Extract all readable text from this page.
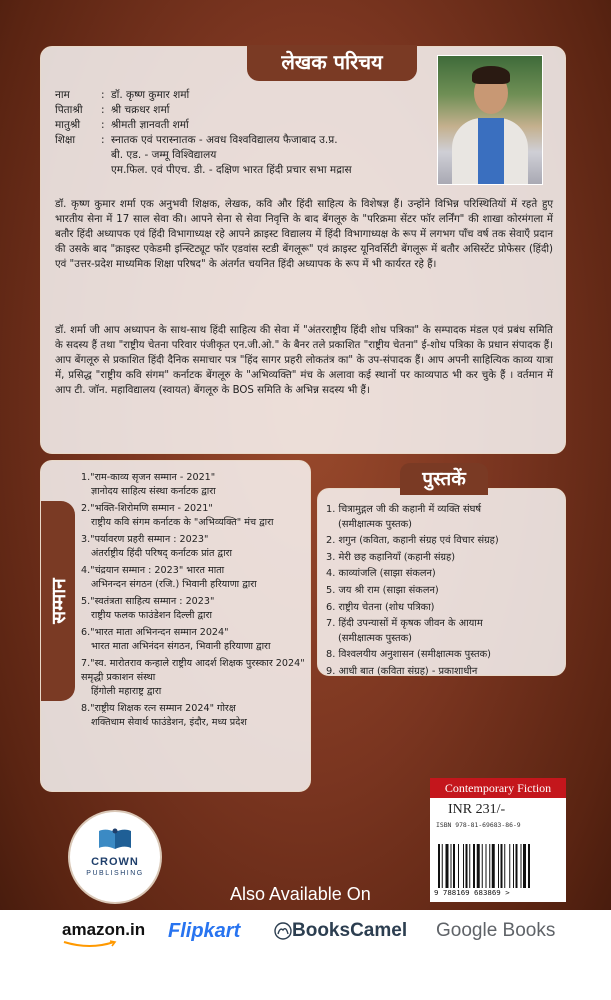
लेखक परिचय
नाम	: डॉ. कृष्ण कुमार शर्मा
पिताश्री	: श्री चक्रधर शर्मा
मातुश्री	: श्रीमती ज्ञानवती शर्मा
शिक्षा	: स्नातक एवं परास्नातक - अवध विश्वविद्यालय फैजाबाद उ.प्र.
बी. एड. - जम्मू विश्विद्यालय
एम.फिल. एवं पीएच. डी. - दक्षिण भारत हिंदी प्रचार सभा मद्रास
डॉ. कृष्ण कुमार शर्मा एक अनुभवी शिक्षक, लेखक, कवि और हिंदी साहित्य के विशेषज्ञ हैं। उन्होंने विभिन्न परिस्थितियों में रहते हुए भारतीय सेना में 17 साल सेवा की। आपने सेना से सेवा निवृत्ति के बाद बेंगलूरु के "परिक्रमा सेंटर फॉर लर्निंग" की शाखा कोरमंगला में बतौर हिंदी अध्यापक एवं हिंदी विभागाध्यक्ष रहे आपने क्राइस्ट विद्यालय में हिंदी विभागाध्यक्ष के रूप में लगभग पाँच वर्ष तक सेवाएँ प्रदान की उसके बाद "क्राइस्ट एकेडमी इन्स्टिट्यूट फॉर एडवांस स्टडी बेंगलूरू" एवं क्राइस्ट यूनिवर्सिटी बेंगलूरू में बतौर असिस्टेंट प्रोफेसर (हिंदी) एवं "उत्तर-प्रदेश माध्यमिक शिक्षा परिषद" के अंतर्गत चयनित हिंदी अध्यापक के रूप में भी कार्यरत रहे हैं।
डॉ. शर्मा जी आप अध्यापन के साथ-साथ हिंदी साहित्य की सेवा में "अंतरराष्ट्रीय हिंदी शोध पत्रिका" के सम्पादक मंडल एवं प्रबंध समिति के सदस्य हैं तथा "राष्ट्रीय चेतना परिवार पंजीकृत एन.जी.ओ." के बैनर तले प्रकाशित "राष्ट्रीय चेतना" ई-शोध पत्रिका के प्रधान संपादक हैं। आप बेंगलूरु से प्रकाशित हिंदी दैनिक समाचार पत्र "हिंद सागर प्रहरी लोकतंत्र का" के उप-संपादक हैं। आप अपनी साहित्यिक काव्य यात्रा में, प्रसिद्ध "राष्ट्रीय कवि संगम" कर्नाटक बेंगलूरु के "अभिव्यक्ति" मंच के अलावा कई स्थानों पर काव्यपाठ भी कर चुके हैं । वर्तमान में आप टी. जॉन. महाविद्यालय (स्वायत) बेंगलूरु के BOS समिति के अभिन्न सदस्य भी हैं।
सम्मान
1."राम-काव्य सृजन सम्मान - 2021"
ज्ञानोदय साहित्य संस्था कर्नाटक द्वारा
2."भक्ति-शिरोमणि सम्मान - 2021"
राष्ट्रीय कवि संगम कर्नाटक के "अभिव्यक्ति" मंच द्वारा
3."पर्यावरण प्रहरी सम्मान : 2023"
अंतर्राष्ट्रीय हिंदी परिषद् कर्नाटक प्रांत द्वारा
4."चंद्रयान सम्मान : 2023" भारत माता
अभिनन्दन संगठन (रजि.) भिवानी हरियाणा द्वारा
5."स्वतंत्रता साहित्य सम्मान : 2023"
राष्ट्रीय फलक फाउंडेशन दिल्ली द्वारा
6."भारत माता अभिनन्दन सम्मान 2024"
भारत माता अभिनंदन संगठन, भिवानी हरियाणा द्वारा
7."स्व. मारोतराव कन्हाले राष्ट्रीय आदर्श शिक्षक पुरस्कार 2024" समृद्धी प्रकाशन संस्था
हिंगोली महाराष्ट्र द्वारा
8."राष्ट्रीय शिक्षक रत्न सम्मान 2024" गोरक्ष
शक्तिधाम सेवार्थ फाउंडेशन, इंदौर, मध्य प्रदेश
पुस्तकें
1. चित्रामुद्गल जी की कहानी में व्यक्ति संघर्ष
(समीक्षात्मक पुस्तक)
2. शगुन (कविता, कहानी संग्रह एवं विचार संग्रह)
3. मेरी छह कहानियाँ (कहानी संग्रह)
4. काव्यांजलि (साझा संकलन)
5. जय श्री राम (साझा संकलन)
6. राष्ट्रीय चेतना (शोध पत्रिका)
7. हिंदी उपन्यासों में कृषक जीवन के आयाम
(समीक्षात्मक पुस्तक)
8. विश्वलयीय अनुशासन (समीक्षात्मक पुस्तक)
9. आधी बात (कविता संग्रह) - प्रकाशाधीन
Contemporary Fiction
INR 231/-
ISBN 978-81-69683-86-9
9 788169 683869 >
CROWN
PUBLISHING
Also Available On
amazon.in Flipkart	BooksCamel Google Books
